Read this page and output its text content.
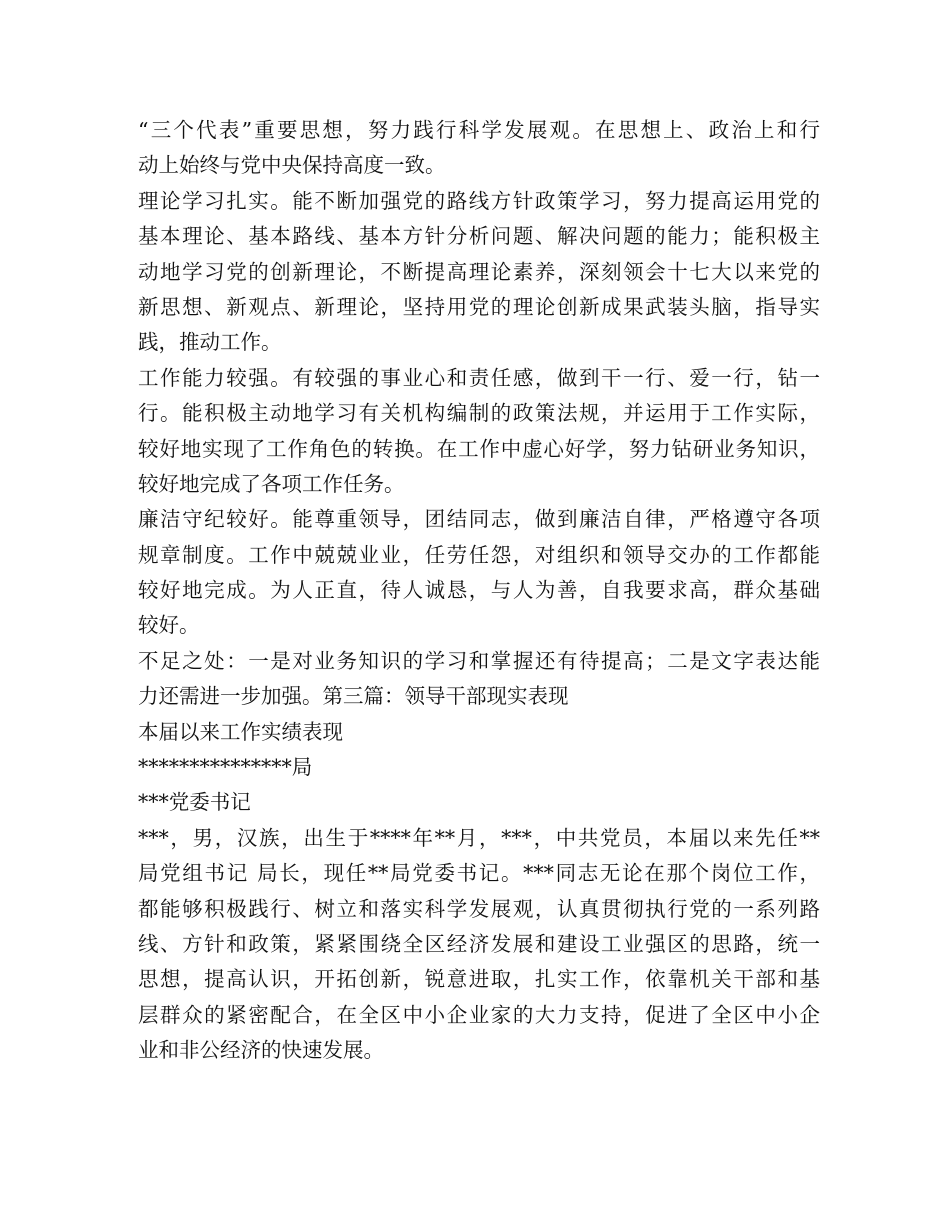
“三个代表”重要思想，努力践行科学发展观。在思想上、政治上和行
动上始终与党中央保持高度一致。
理论学习扎实。能不断加强党的路线方针政策学习，努力提高运用党的
基本理论、基本路线、基本方针分析问题、解决问题的能力；能积极主
动地学习党的创新理论，不断提高理论素养，深刻领会十七大以来党的
新思想、新观点、新理论，坚持用党的理论创新成果武装头脑，指导实
践，推动工作。
工作能力较强。有较强的事业心和责任感，做到干一行、爱一行，钻一
行。能积极主动地学习有关机构编制的政策法规，并运用于工作实际，
较好地实现了工作角色的转换。在工作中虚心好学，努力钻研业务知识，
较好地完成了各项工作任务。
廉洁守纪较好。能尊重领导，团结同志，做到廉洁自律，严格遵守各项
规章制度。工作中兢兢业业，任劳任怨，对组织和领导交办的工作都能
较好地完成。为人正直，待人诚恳，与人为善，自我要求高，群众基础
较好。
不足之处：一是对业务知识的学习和掌握还有待提高；二是文字表达能
力还需进一步加强。第三篇：领导干部现实表现
本届以来工作实绩表现
***************局
***党委书记
***，男，汉族，出生于****年**月，***，中共党员，本届以来先任**
局党组书记 局长，现任**局党委书记。***同志无论在那个岗位工作，
都能够积极践行、树立和落实科学发展观，认真贯彻执行党的一系列路
线、方针和政策，紧紧围绕全区经济发展和建设工业强区的思路，统一
思想，提高认识，开拓创新，锐意进取，扎实工作，依靠机关干部和基
层群众的紧密配合，在全区中小企业家的大力支持，促进了全区中小企
业和非公经济的快速发展。
